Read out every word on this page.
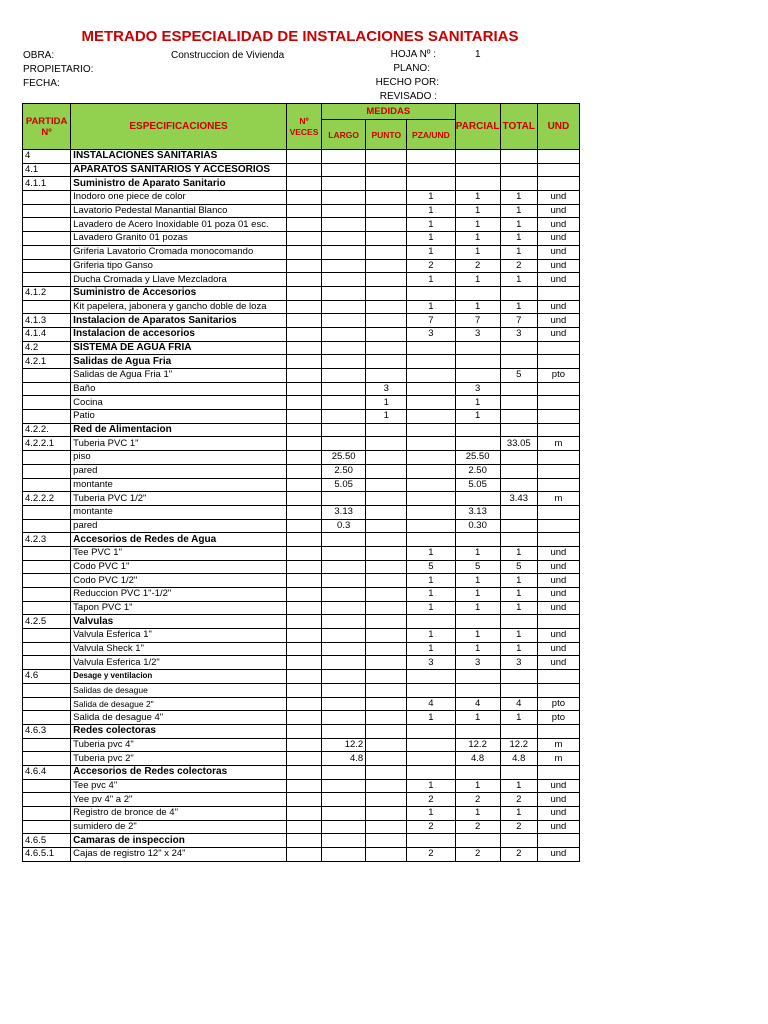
METRADO ESPECIALIDAD DE INSTALACIONES SANITARIAS
OBRA:	Construccion de Vivienda
PROPIETARIO:
FECHA:
HOJA Nº :	1
PLANO:
HECHO POR:
REVISADO :
PARTIDA Nº	ESPECIFICACIONES	Nº VECES	MEDIDAS			PARCIAL	TOTAL	UND
			LARGO	PUNTO	PZA/UND			
4	INSTALACIONES SANITARIAS							
4.1	APARATOS SANITARIOS Y ACCESORIOS							
4.1.1	Suministro de Aparato Sanitario							
	Inodoro one piece de color				1	1	1	und
	Lavatorio Pedestal Manantial Blanco				1	1	1	und
	Lavadero de Acero Inoxidable 01 poza 01 esc.				1	1	1	und
	Lavadero Granito 01 pozas				1	1	1	und
	Griferia Lavatorio Cromada monocomando				1	1	1	und
	Griferia tipo Ganso				2	2	2	und
	Ducha Cromada y Llave Mezcladora				1	1	1	und
4.1.2	Suministro de Accesorios							
	Kit papelera, jabonera y gancho doble de loza				1	1	1	und
4.1.3	Instalacion de Aparatos Sanitarios				7	7	7	und
4.1.4	Instalacion de accesorios				3	3	3	und
4.2	SISTEMA DE AGUA FRIA							
4.2.1	Salidas de Agua Fria							
	Salidas de Agua Fria 1"						5	pto
	Baño			3		3		
	Cocina			1		1		
	Patio			1		1		
4.2.2.	Red de Alimentacion							
4.2.2.1	Tuberia PVC 1"						33.05	m
	piso		25.50			25.50		
	pared		2.50			2.50		
	montante		5.05			5.05		
4.2.2.2	Tuberia PVC 1/2"						3.43	m
	montante		3.13			3.13		
	pared		0.3			0.30		
4.2.3	Accesorios de Redes de Agua							
	Tee PVC 1"				1	1	1	und
	Codo PVC 1"				5	5	5	und
	Codo PVC 1/2"				1	1	1	und
	Reduccion PVC 1"-1/2"				1	1	1	und
	Tapon PVC 1"				1	1	1	und
4.2.5	Valvulas							
	Valvula Esferica 1"				1	1	1	und
	Valvula Sheck 1"				1	1	1	und
	Valvula Esferica 1/2"				3	3	3	und
4.6	Desage y ventilacion							
	Salidas de desague							
	Salida de desague 2"				4	4	4	pto
	Salida de desague 4"				1	1	1	pto
4.6.3	Redes colectoras							
	Tuberia pvc 4"		12.2			12.2	12.2	m
	Tuberia pvc 2"		4.8			4.8	4.8	m
4.6.4	Accesorios de Redes colectoras							
	Tee pvc 4"				1	1	1	und
	Yee pv 4" a 2"				2	2	2	und
	Registro de bronce de 4"				1	1	1	und
	sumidero de 2"				2	2	2	und
4.6.5	Camaras de inspeccion							
4.6.5.1	Cajas de registro 12" x 24"				2	2	2	und
